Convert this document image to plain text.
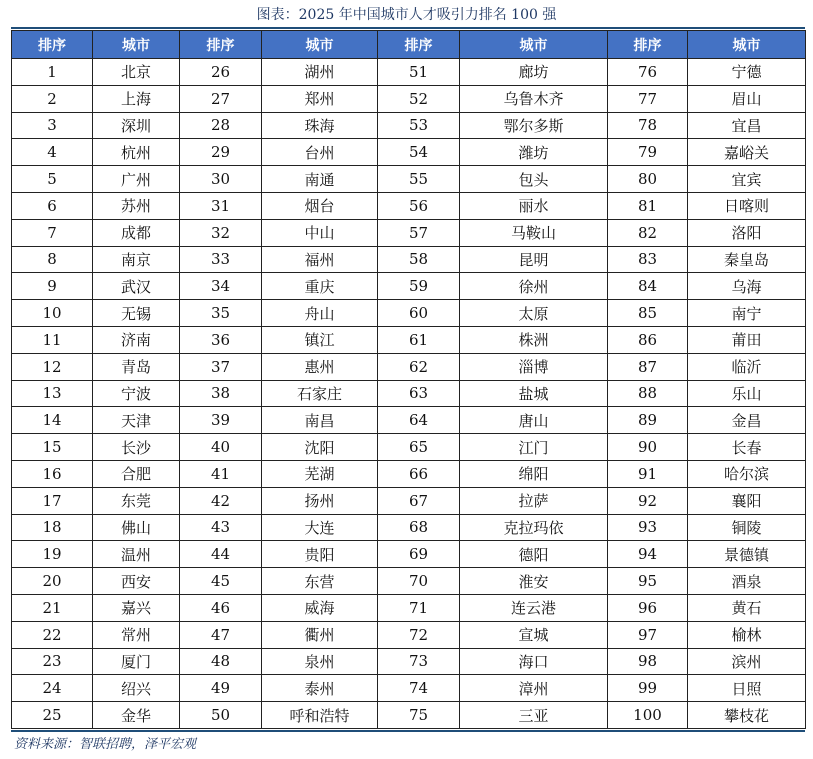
图表：2025 年中国城市人才吸引力排名 100 强
排序	城市	排序	城市	排序	城市	排序	城市
1	北京	26	湖州	51	廊坊	76	宁德
2	上海	27	郑州	52	乌鲁木齐	77	眉山
3	深圳	28	珠海	53	鄂尔多斯	78	宜昌
4	杭州	29	台州	54	潍坊	79	嘉峪关
5	广州	30	南通	55	包头	80	宜宾
6	苏州	31	烟台	56	丽水	81	日喀则
7	成都	32	中山	57	马鞍山	82	洛阳
8	南京	33	福州	58	昆明	83	秦皇岛
9	武汉	34	重庆	59	徐州	84	乌海
10	无锡	35	舟山	60	太原	85	南宁
11	济南	36	镇江	61	株洲	86	莆田
12	青岛	37	惠州	62	淄博	87	临沂
13	宁波	38	石家庄	63	盐城	88	乐山
14	天津	39	南昌	64	唐山	89	金昌
15	长沙	40	沈阳	65	江门	90	长春
16	合肥	41	芜湖	66	绵阳	91	哈尔滨
17	东莞	42	扬州	67	拉萨	92	襄阳
18	佛山	43	大连	68	克拉玛依	93	铜陵
19	温州	44	贵阳	69	德阳	94	景德镇
20	西安	45	东营	70	淮安	95	酒泉
21	嘉兴	46	威海	71	连云港	96	黄石
22	常州	47	衢州	72	宣城	97	榆林
23	厦门	48	泉州	73	海口	98	滨州
24	绍兴	49	泰州	74	漳州	99	日照
25	金华	50	呼和浩特	75	三亚	100	攀枝花
资料来源：智联招聘，泽平宏观
